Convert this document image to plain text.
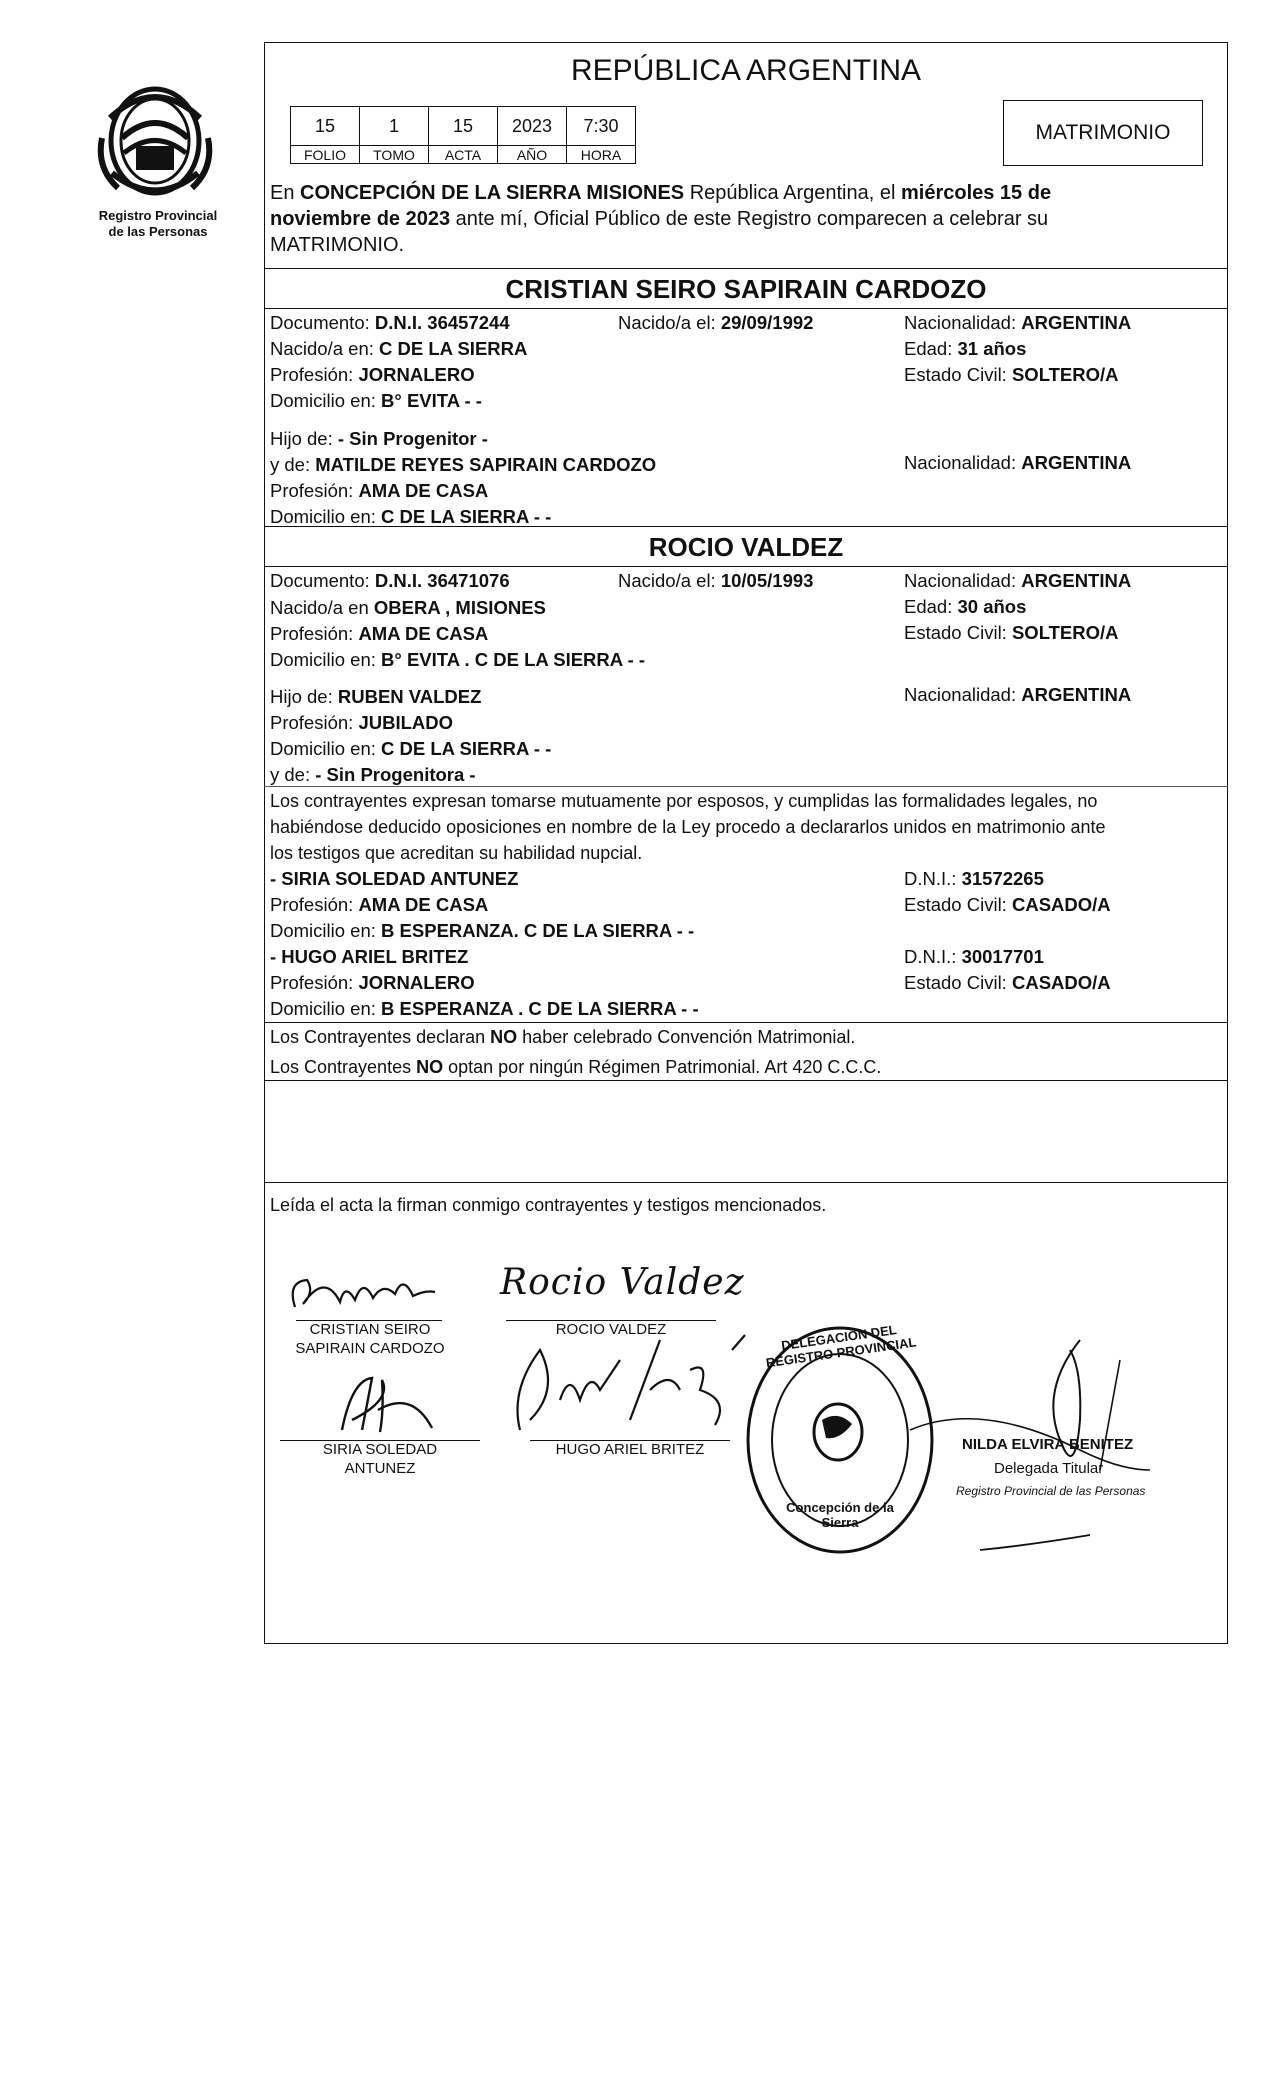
Registro Provincial
de las Personas
REPÚBLICA ARGENTINA
15	1	15	2023	7:30
FOLIO	TOMO	ACTA	AÑO	HORA
MATRIMONIO
En CONCEPCIÓN DE LA SIERRA MISIONES República Argentina, el miércoles 15 de
noviembre de 2023 ante mí, Oficial Público de este Registro comparecen a celebrar su
MATRIMONIO.
CRISTIAN SEIRO SAPIRAIN CARDOZO
Documento: D.N.I. 36457244	Nacido/a el: 29/09/1992	Nacionalidad: ARGENTINA
Nacido/a en: C DE LA SIERRA	Edad: 31 años
Profesión: JORNALERO	Estado Civil: SOLTERO/A
Domicilio en: B° EVITA - -
Hijo de: - Sin Progenitor -
y de: MATILDE REYES SAPIRAIN CARDOZO	Nacionalidad: ARGENTINA
Profesión: AMA DE CASA
Domicilio en: C DE LA SIERRA - -
ROCIO VALDEZ
Documento: D.N.I. 36471076	Nacido/a el: 10/05/1993	Nacionalidad: ARGENTINA
Nacido/a en OBERA , MISIONES	Edad: 30 años
Profesión: AMA DE CASA	Estado Civil: SOLTERO/A
Domicilio en: B° EVITA . C DE LA SIERRA - -
Hijo de: RUBEN VALDEZ	Nacionalidad: ARGENTINA
Profesión: JUBILADO
Domicilio en: C DE LA SIERRA - -
y de: - Sin Progenitora -
Los contrayentes expresan tomarse mutuamente por esposos, y cumplidas las formalidades legales, no
habiéndose deducido oposiciones en nombre de la Ley procedo a declararlos unidos en matrimonio ante
los testigos que acreditan su habilidad nupcial.
- SIRIA SOLEDAD ANTUNEZ	D.N.I.: 31572265
Profesión: AMA DE CASA	Estado Civil: CASADO/A
Domicilio en: B ESPERANZA. C DE LA SIERRA - -
- HUGO ARIEL BRITEZ	D.N.I.: 30017701
Profesión: JORNALERO	Estado Civil: CASADO/A
Domicilio en: B ESPERANZA . C DE LA SIERRA - -
Los Contrayentes declaran NO haber celebrado Convención Matrimonial.
Los Contrayentes NO optan por ningún Régimen Patrimonial. Art 420 C.C.C.
Leída el acta la firman conmigo contrayentes y testigos mencionados.
CRISTIAN SEIRO
SAPIRAIN CARDOZO
Rocio Valdez
ROCIO VALDEZ
SIRIA SOLEDAD
ANTUNEZ
HUGO ARIEL BRITEZ
DELEGACIÓN DEL REGISTRO PROVINCIAL
Concepción de la Sierra
NILDA ELVIRA BENITEZ
Delegada Titular
Registro Provincial de las Personas
